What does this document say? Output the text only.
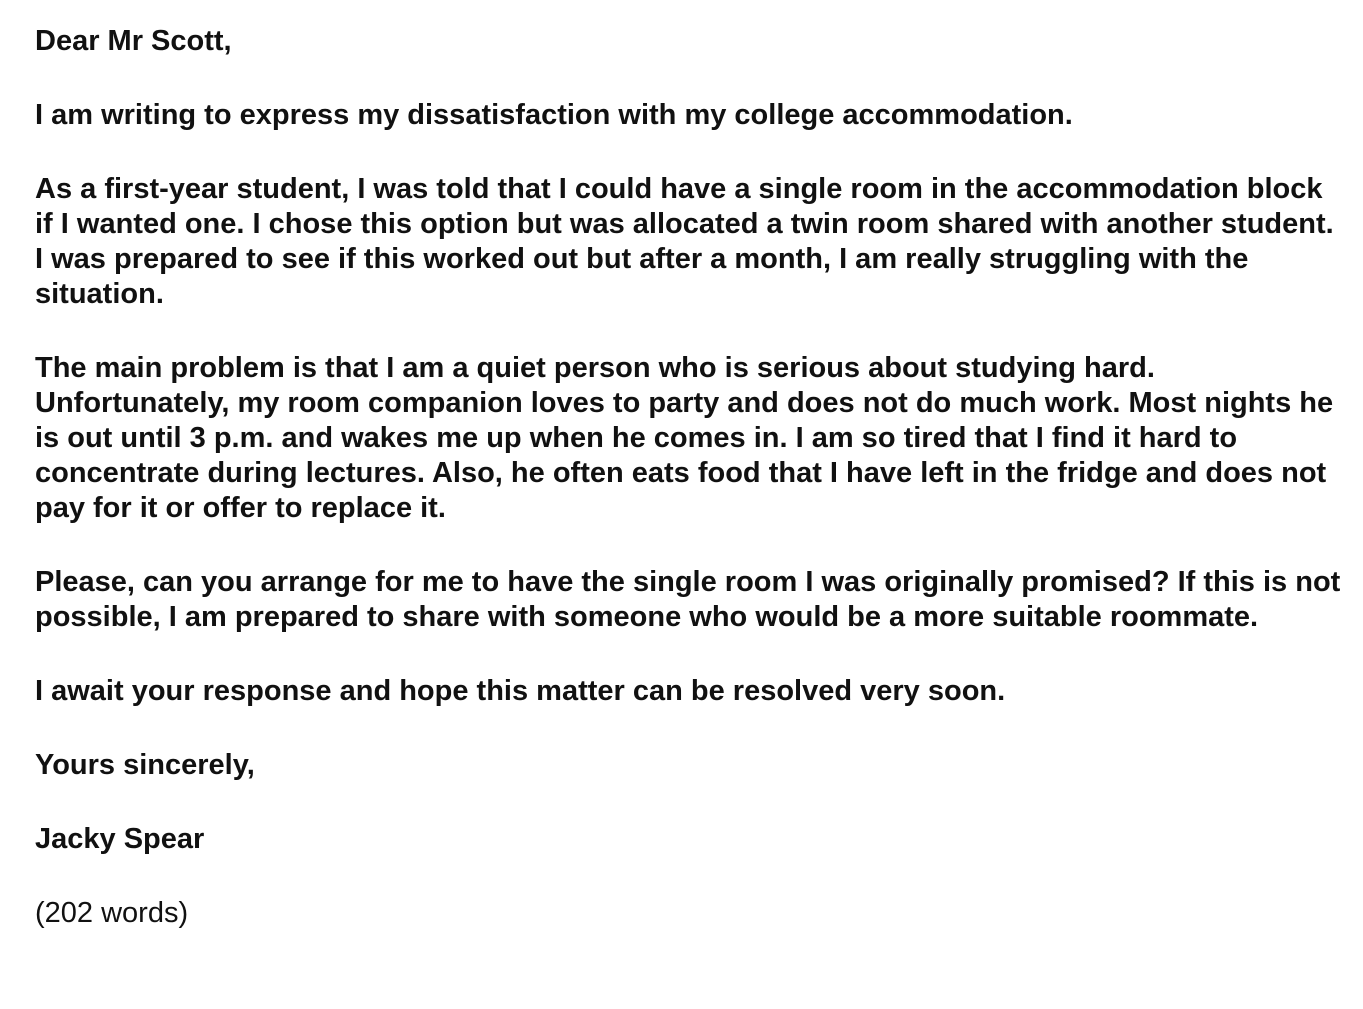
Dear Mr Scott,

I am writing to express my dissatisfaction with my college accommodation.

As a first-year student, I was told that I could have a single room in the accommodation block if I wanted one. I chose this option but was allocated a twin room shared with another student. I was prepared to see if this worked out but after a month, I am really struggling with the situation.

The main problem is that I am a quiet person who is serious about studying hard. Unfortunately, my room companion loves to party and does not do much work. Most nights he is out until 3 p.m. and wakes me up when he comes in. I am so tired that I find it hard to concentrate during lectures. Also, he often eats food that I have left in the fridge and does not pay for it or offer to replace it.

Please, can you arrange for me to have the single room I was originally promised? If this is not possible, I am prepared to share with someone who would be a more suitable roommate.

I await your response and hope this matter can be resolved very soon.

Yours sincerely,

Jacky Spear

(202 words)
